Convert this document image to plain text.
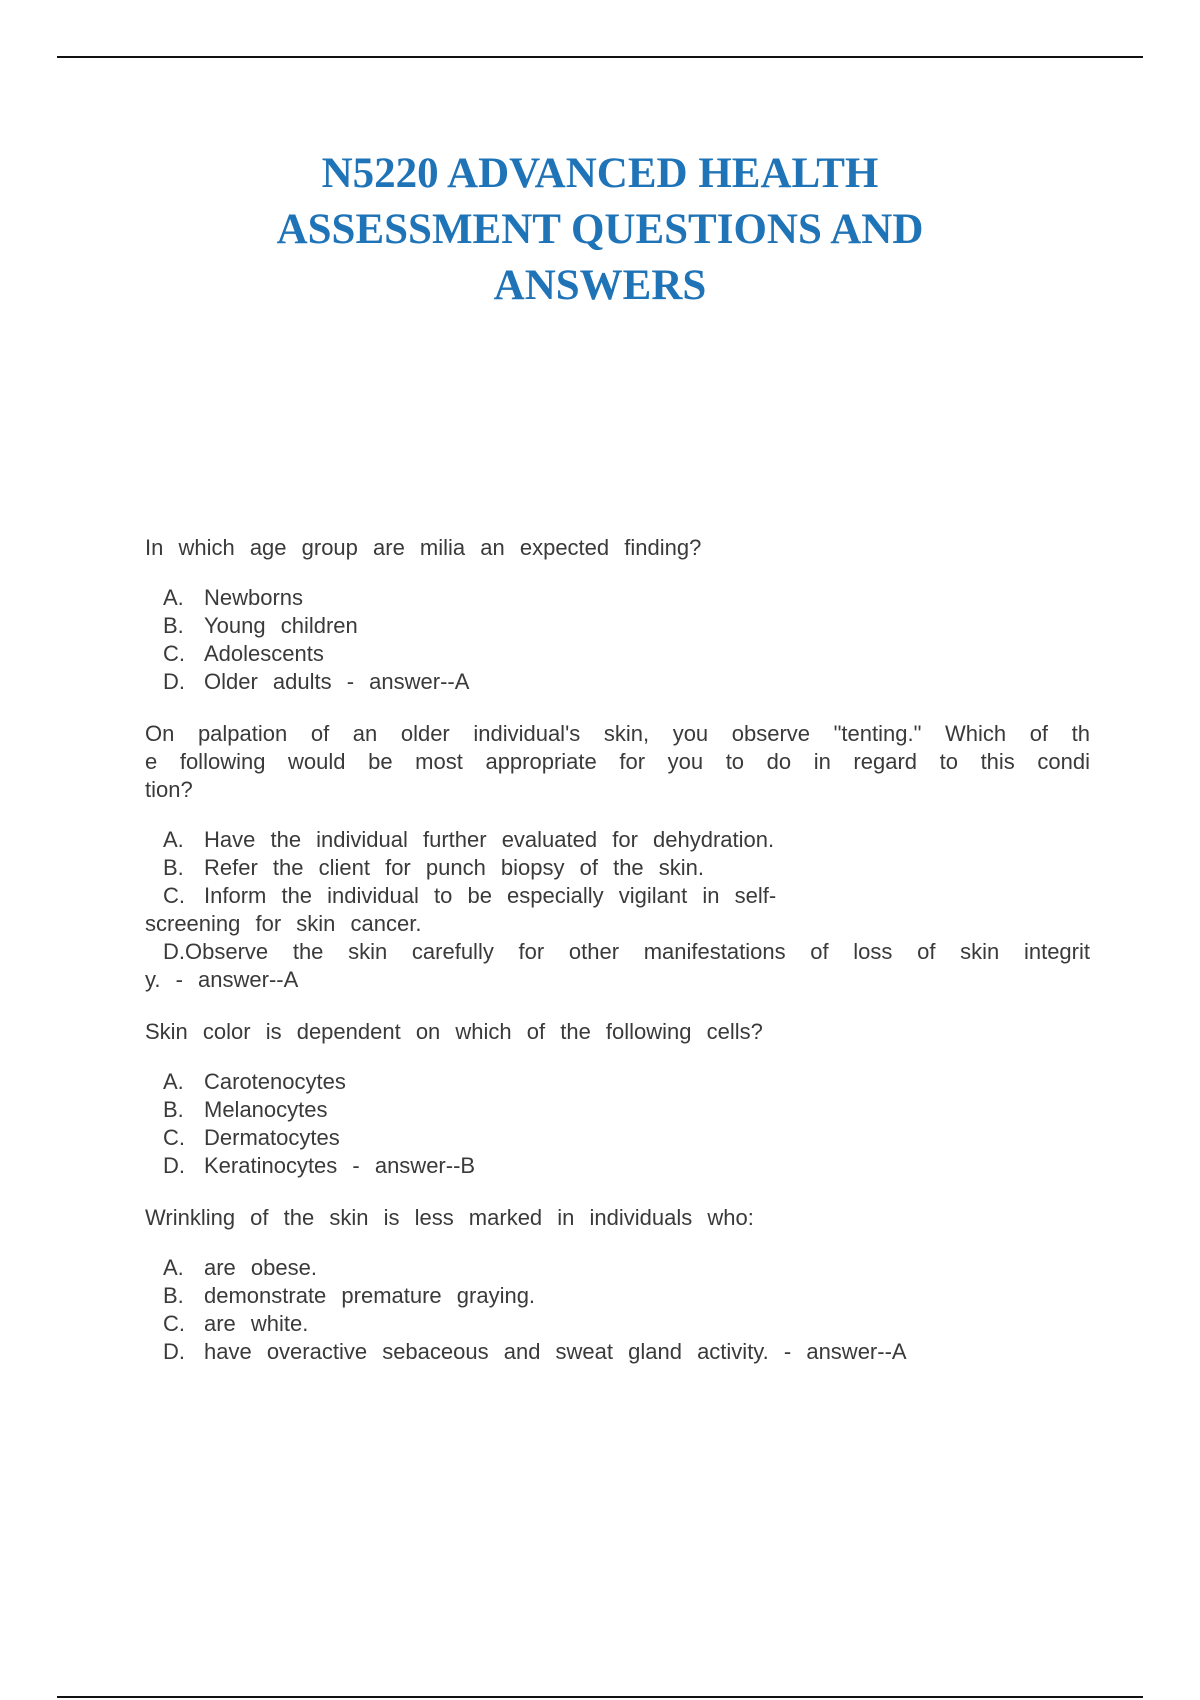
N5220 ADVANCED HEALTH
ASSESSMENT QUESTIONS AND
ANSWERS

In which age group are milia an expected finding?

A. Newborns
B. Young children
C. Adolescents
D. Older adults - answer--A

On palpation of an older individual's skin, you observe "tenting." Which of th
e following would be most appropriate for you to do in regard to this condi
tion?

A. Have the individual further evaluated for dehydration.
B. Refer the client for punch biopsy of the skin.
C. Inform the individual to be especially vigilant in self-
screening for skin cancer.
D.Observe the skin carefully for other manifestations of loss of skin integrit
y. - answer--A

Skin color is dependent on which of the following cells?

A. Carotenocytes
B. Melanocytes
C. Dermatocytes
D. Keratinocytes - answer--B

Wrinkling of the skin is less marked in individuals who:

A. are obese.
B. demonstrate premature graying.
C. are white.
D. have overactive sebaceous and sweat gland activity. - answer--A
